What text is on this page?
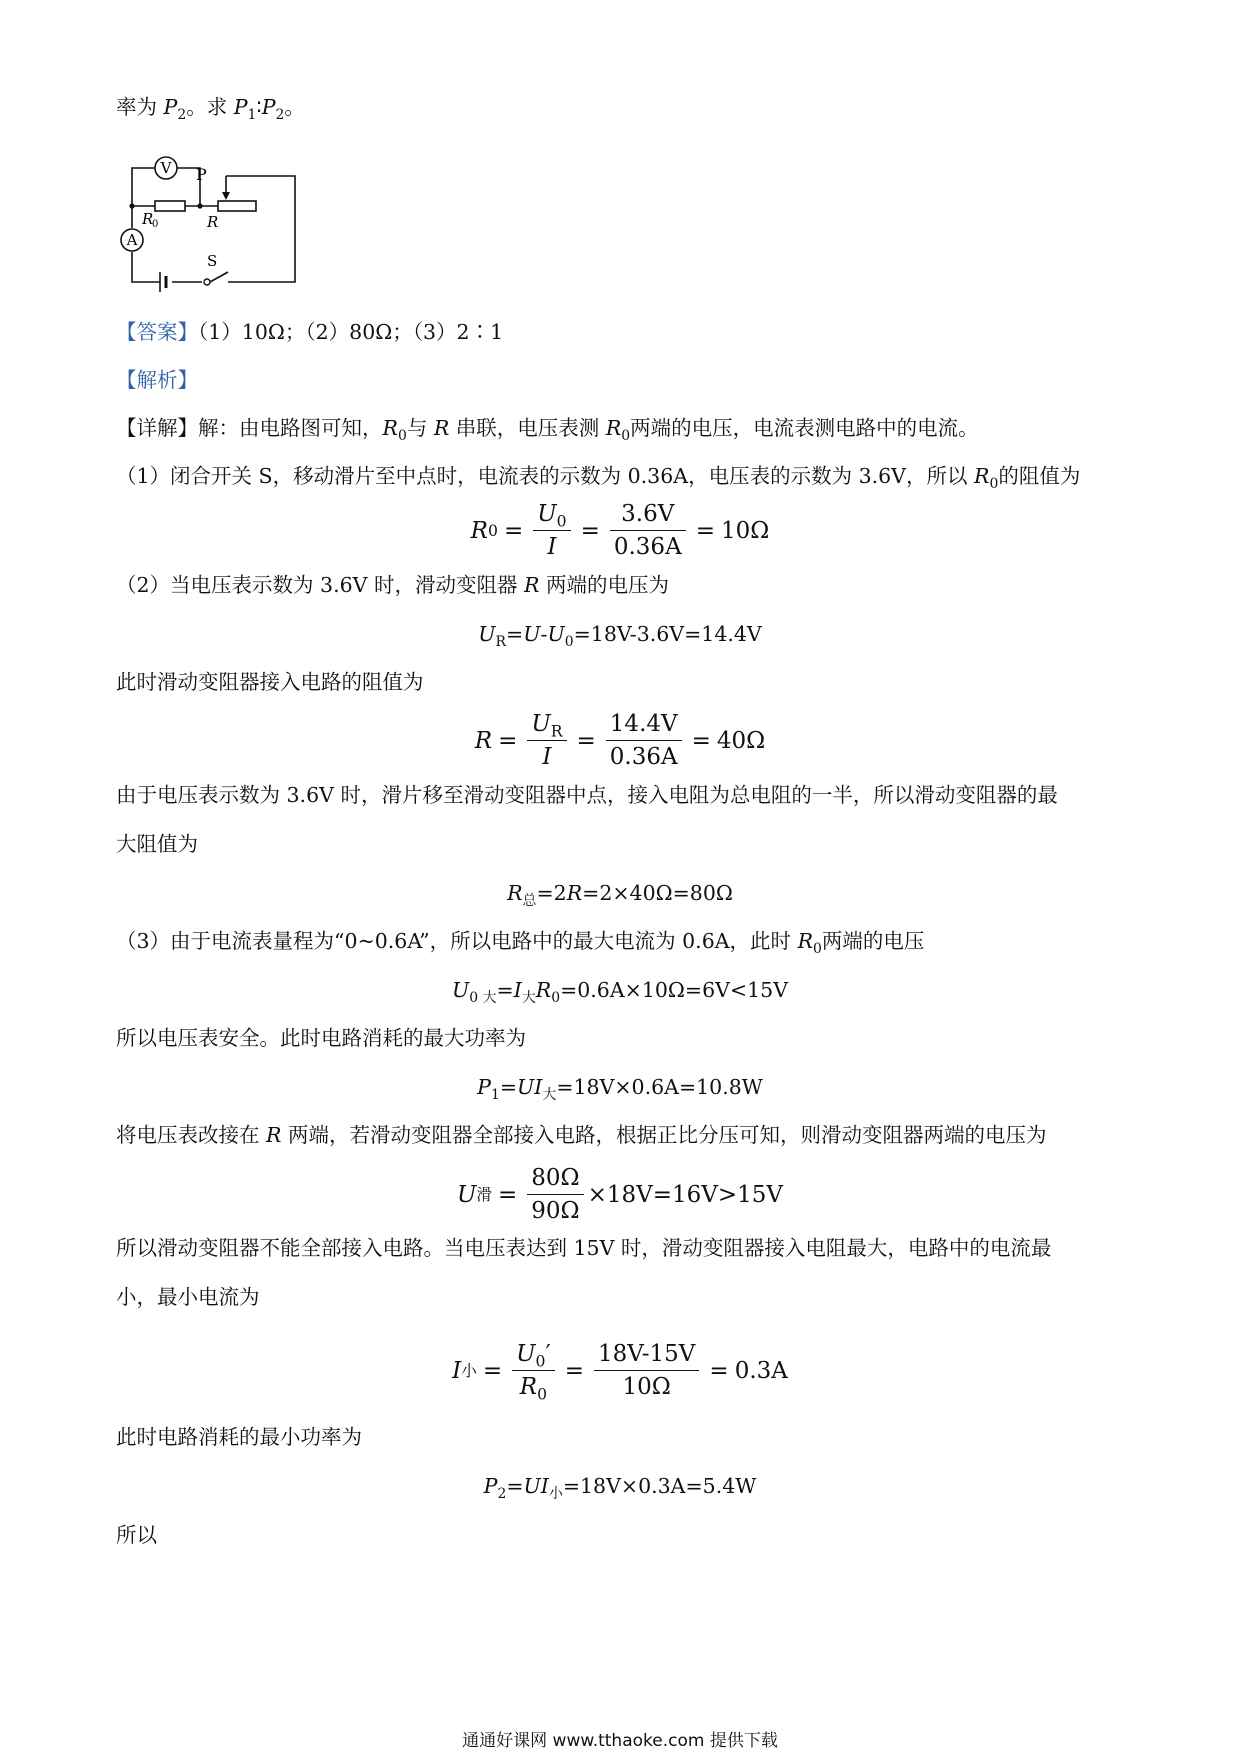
率为 $P_2$。求 $P_1∶P_2$。

V
A
P
R
0	R
S

【答案】（1）10Ω；（2）80Ω；（3）2∶1

【解析】

【详解】解：由电路图可知，$R_0$与 R 串联，电压表测 $R_0$两端的电压，电流表测电路中的电流。

（1）闭合开关 S，移动滑片至中点时，电流表的示数为 0.36A，电压表的示数为 3.6V，所以 $R_0$的阻值为

R $0 = \frac{U_0}{I} = \frac{3.6V}{0.36A} = 10\Omega$

（2）当电压表示数为 3.6V 时，滑动变阻器 R 两端的电压为

$U_R=U-U_0=18V-3.6V=14.4V$

此时滑动变阻器接入电路的阻值为

$R = \frac{U_R}{I} = \frac{14.4V}{0.36A} = 40\Omega$

由于电压表示数为 3.6V 时，滑片移至滑动变阻器中点，接入电阻为总电阻的一半，所以滑动变阻器的最

大阻值为

$R_总=2R=2\times 40\Omega=80\Omega$

（3）由于电流表量程为“0~0.6A”，所以电路中的最大电流为 0.6A，此时 $R_0$两端的电压

$U_{0 大}=I_大R_0=0.6A\times 10\Omega=6V<15V$

所以电压表安全。此时电路消耗的最大功率为

$P_1=UI_大=18V\times 0.6A=10.8W$

将电压表改接在 R 两端，若滑动变阻器全部接入电路，根据正比分压可知，则滑动变阻器两端的电压为

U 滑 = $\frac{80\Omega}{90\Omega} \times 18V=16V>15V$

所以滑动变阻器不能全部接入电路。当电压表达到 15V 时，滑动变阻器接入电阻最大，电路中的电流最

小，最小电流为

I 小 = $\frac{U_0'}{R_0} = \frac{18V-15V}{10\Omega} = 0.3A$

此时电路消耗的最小功率为

$P_2=UI_小=18V\times 0.3A=5.4W$

所以

通通好课网 www.tthaoke.com 提供下载
